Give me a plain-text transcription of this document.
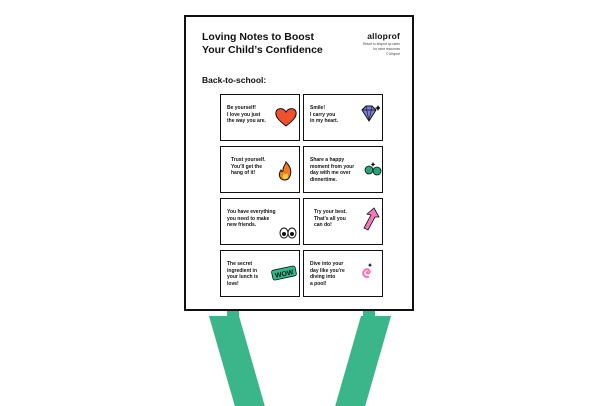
Loving Notes to Boost
Your Child’s Confidence
alloprof
Resort to alloprof.qc.ca/en
for more resources
© Alloprof
Back-to-school:
Be yourself!
I love you just
the way you are.
Smile!
I carry you
in my heart.
Trust yourself.
You’ll get the
hang of it!
Share a happy
moment from your
day with me over
dinnertime.
You have everything
you need to make
new friends.
Try your best.
That’s all you
can do!
The secret
ingredient in
your lunch is
love!
WOW
Dive into your
day like you’re
diving into
a pool!
